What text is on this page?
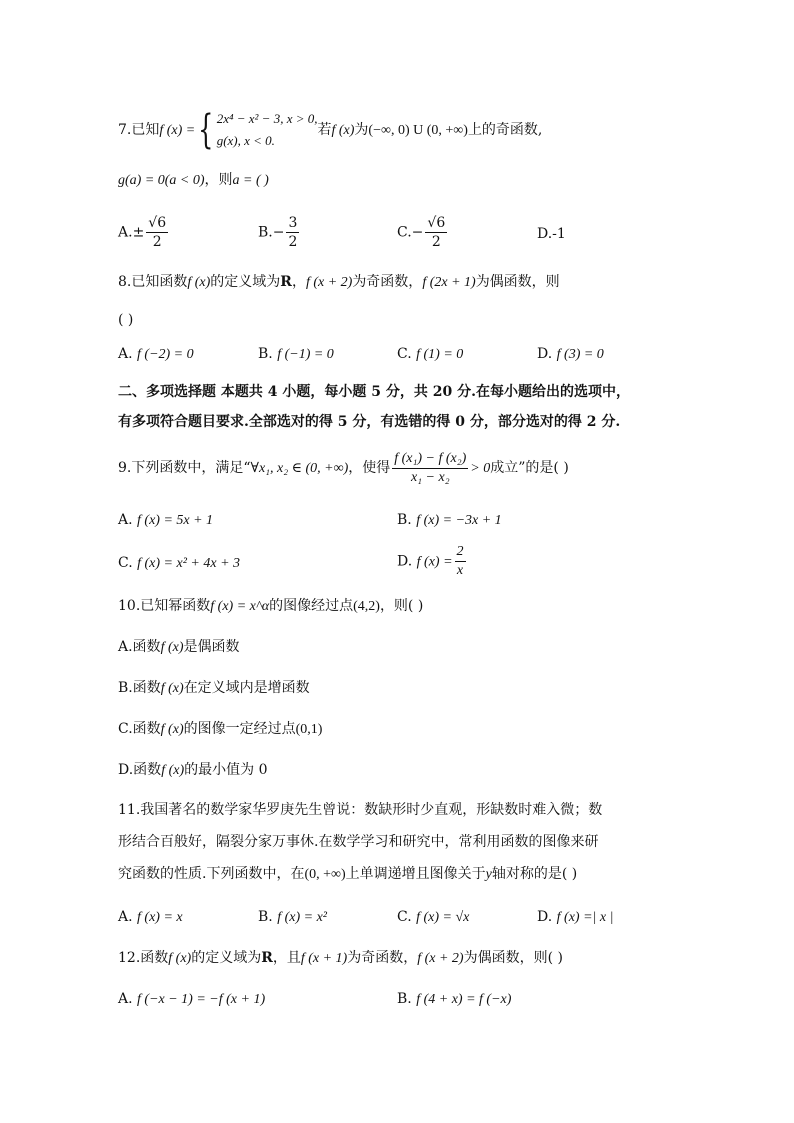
7.已知f (x) ={ 2x⁴ − x² − 3, x > 0,
g(x), x < 0.
若f (x)为(−∞, 0) U (0, +∞)上的奇函数,
g(a) = 0(a < 0)，则a = ( )
$A.\pm \frac{√6}{2}$	$B.- \frac{3}{2}$	$C.- \frac{√6}{2}$	D.-1
8.已知函数f (x)的定义域为R，f (x + 2)为奇函数，f (2x + 1)为偶函数，则
( )
A. f (−2) = 0	B. f (−1) = 0	C. f (1) = 0	D. f (3) = 0
二、多项选择题 本题共 4 小题，每小题 5 分，共 20 分.在每小题给出的选项中，
有多项符合题目要求.全部选对的得 5 分，有选错的得 0 分，部分选对的得 2 分.
9.下列函数中，满足“∀x₁, x₂ ∈ (0, +∞)，使得 $\frac{\text{f (x₁) − f (x₂)}}{\text{x₁ − x₂}} > 0$成立”的是( )
A. f (x) = 5x + 1	B. f (x) = −3x + 1
C. f (x) = x² + 4x + 3	D. f $(x) = \frac{2}{x}$
10.已知幂函数f (x) = x^α的图像经过点(4,2)，则( )
A.函数f (x)是偶函数
B.函数f (x)在定义域内是增函数
C.函数f (x)的图像一定经过点(0,1)
D.函数f (x)的最小值为 0
11.我国著名的数学家华罗庚先生曾说：数缺形时少直观，形缺数时难入微；数
形结合百般好，隔裂分家万事休.在数学学习和研究中，常利用函数的图像来研
究函数的性质.下列函数中，在(0, +∞)上单调递增且图像关于y轴对称的是( )
A. f (x) = x	B. f (x) = x²	C. f (x) = √x	D. f (x) =| x |
12.函数f (x)的定义域为R，且f (x + 1)为奇函数，f (x + 2)为偶函数，则( )
A. f (−x − 1) = −f (x + 1)	B. f (4 + x) = f (−x)
